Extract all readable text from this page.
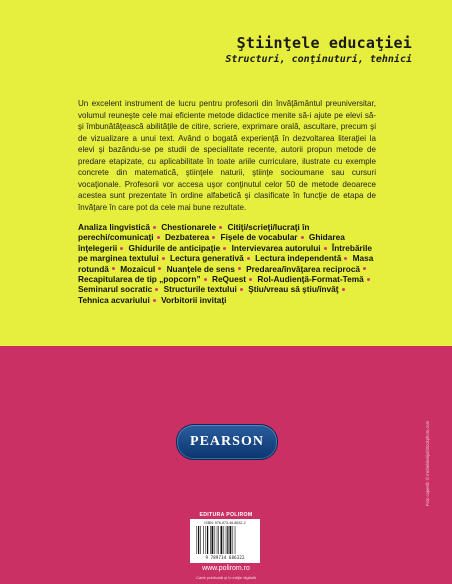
Ştiinţele educaţiei
Structuri, conţinuturi, tehnici
Un excelent instrument de lucru pentru profesorii din învăţământul preuniversitar, volumul reuneşte cele mai eficiente metode didactice menite să-i ajute pe elevi să-şi îmbunătăţească abilităţile de citire, scriere, exprimare orală, ascultare, precum şi de vizualizare a unui text. Având o bogată experienţă în dezvoltarea literaţiei la elevi şi bazându-se pe studii de specialitate recente, autorii propun metode de predare etapizate, cu aplicabilitate în toate ariile curriculare, ilustrate cu exemple concrete din matematică, ştiinţele naturii, ştiinţe socioumane sau cursuri vocaţionale. Profesorii vor accesa uşor conţinutul celor 50 de metode deoarece acestea sunt prezentate în ordine alfabetică şi clasificate în funcţie de etapa de învăţare în care pot da cele mai bune rezultate.
Analiza lingvistică Chestionarele Citiţi/scrieţi/lucraţi în perechi/comunicaţi Dezbaterea Fişele de vocabular Ghidarea înţelegerii Ghidurile de anticipaţie Intervievarea autorului Întrebările pe marginea textului Lectura generativă Lectura independentă Masa rotundă Mozaicul Nuanţele de sens Predarea/învăţarea reciprocă Recapitularea de tip „popcorn” ReQuest Rol-Audienţă-Format-Temă Seminarul socratic Structurile textului Ştiu/vreau să ştiu/învăţ Tehnica acvariului Vorbitorii invitaţi
PEARSON
EDITURA POLIROM
ISBN: 978-973-46-8632-2
9 789734 686322
www.polirom.ro
Carte publicată şi în ediţie digitală
Foto copertă: © micheldenijs/iStockphoto.com
